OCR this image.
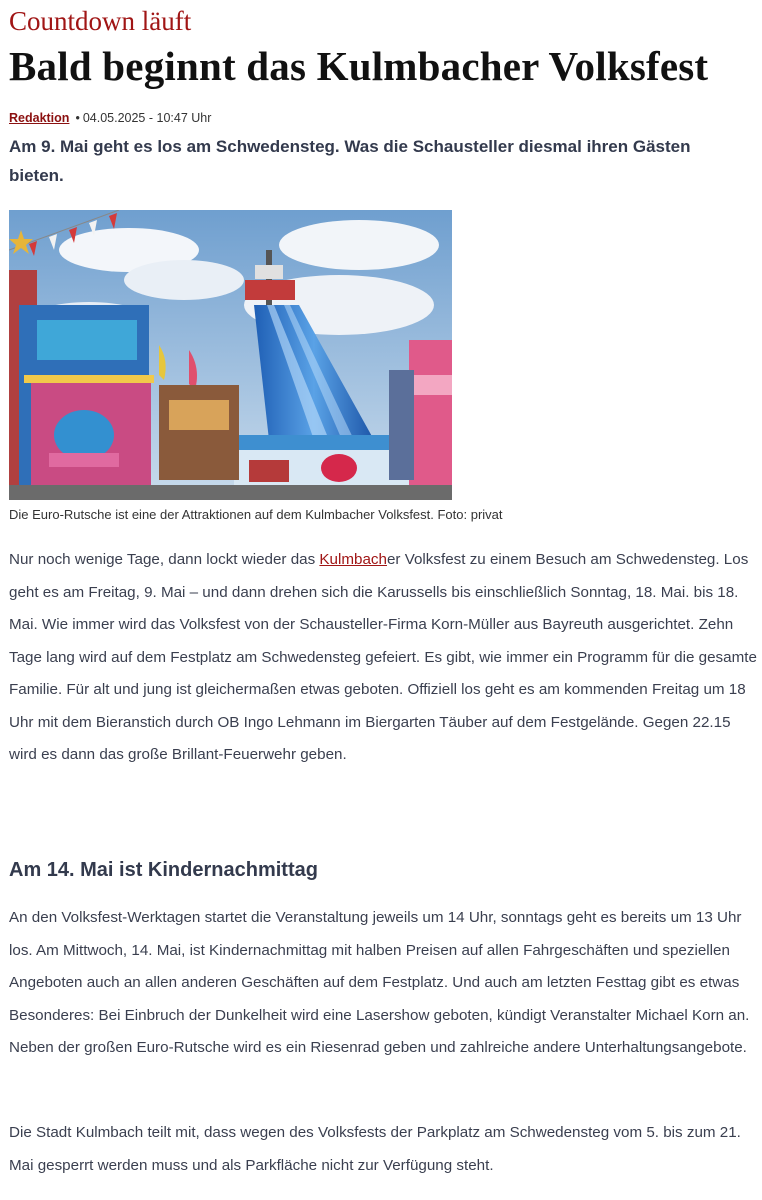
Countdown läuft
Bald beginnt das Kulmbacher Volksfest
Redaktion • 04.05.2025 - 10:47 Uhr
Am 9. Mai geht es los am Schwedensteg. Was die Schausteller diesmal ihren Gästen bieten.
Die Euro-Rutsche ist eine der Attraktionen auf dem Kulmbacher Volksfest. Foto: privat

Nur noch wenige Tage, dann lockt wieder das Kulmbacher Volksfest zu einem Besuch am Schwedensteg. Los geht es am Freitag, 9. Mai – und dann drehen sich die Karussells bis einschließlich Sonntag, 18. Mai. bis 18. Mai. Wie immer wird das Volksfest von der Schausteller-Firma Korn-Müller aus Bayreuth ausgerichtet. Zehn Tage lang wird auf dem Festplatz am Schwedensteg gefeiert. Es gibt, wie immer ein Programm für die gesamte Familie. Für alt und jung ist gleichermaßen etwas geboten. Offiziell los geht es am kommenden Freitag um 18 Uhr mit dem Bieranstich durch OB Ingo Lehmann im Biergarten Täuber auf dem Festgelände. Gegen 22.15 wird es dann das große Brillant-Feuerwehr geben.

Am 14. Mai ist Kindernachmittag

An den Volksfest-Werktagen startet die Veranstaltung jeweils um 14 Uhr, sonntags geht es bereits um 13 Uhr los. Am Mittwoch, 14. Mai, ist Kindernachmittag mit halben Preisen auf allen Fahrgeschäften und speziellen Angeboten auch an allen anderen Geschäften auf dem Festplatz. Und auch am letzten Festtag gibt es etwas Besonderes: Bei Einbruch der Dunkelheit wird eine Lasershow geboten, kündigt Veranstalter Michael Korn an. Neben der großen Euro-Rutsche wird es ein Riesenrad geben und zahlreiche andere Unterhaltungsangebote.

Die Stadt Kulmbach teilt mit, dass wegen des Volksfests der Parkplatz am Schwedensteg vom 5. bis zum 21. Mai gesperrt werden muss und als Parkfläche nicht zur Verfügung steht.
